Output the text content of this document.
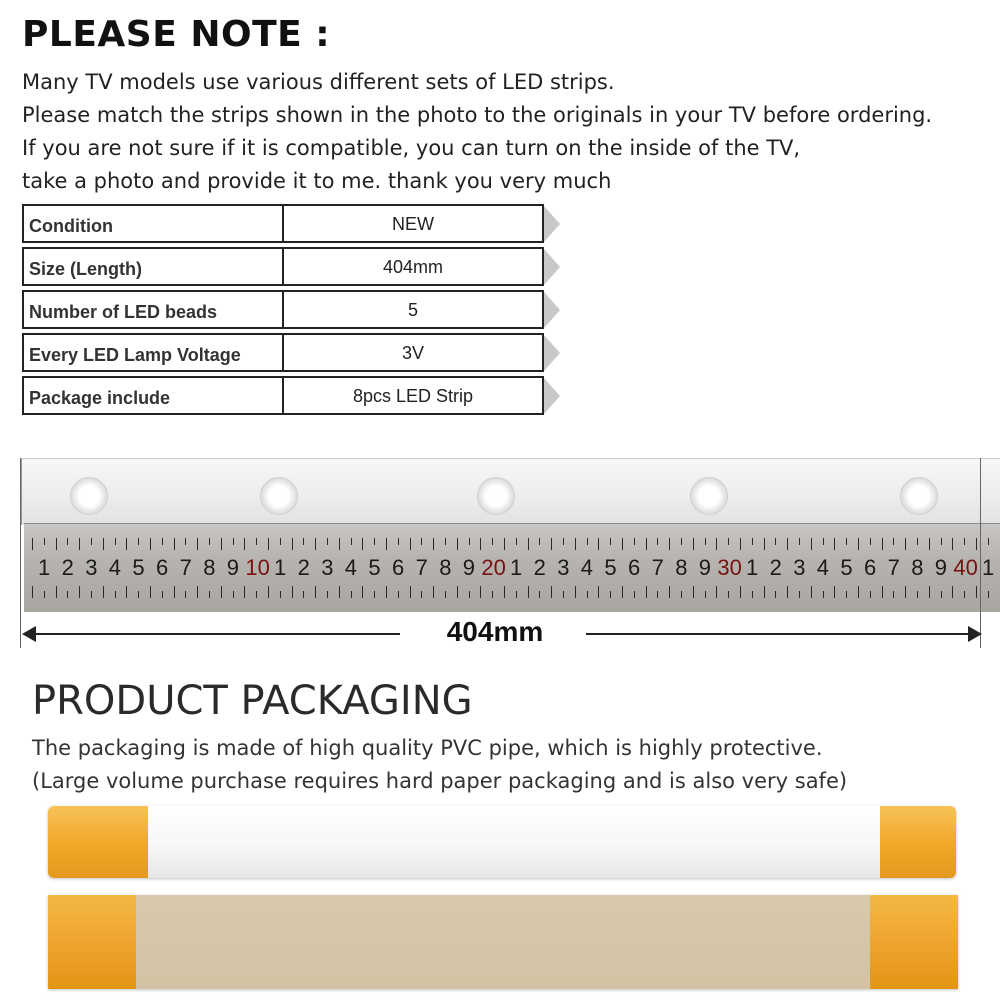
PLEASE NOTE :
Many TV models use various different sets of LED strips.
Please match the strips shown in the photo to the originals in your TV before ordering.
If you are not sure if it is compatible, you can turn on the inside of the TV,
take a photo and provide it to me. thank you very much
Condition	NEW
Size (Length)	404mm
Number of LED beads	5
Every LED Lamp Voltage	3V
Package include	8pcs LED Strip
1 2 3 4 5 6 7 8 9 10 1 2 3 4 5 6 7 8 9 20 1 2 3 4 5 6 7 8 9 30 1 2 3 4 5 6 7 8 9 40 1
404mm
PRODUCT PACKAGING
The packaging is made of high quality PVC pipe, which is highly protective.
(Large volume purchase requires hard paper packaging and is also very safe)
